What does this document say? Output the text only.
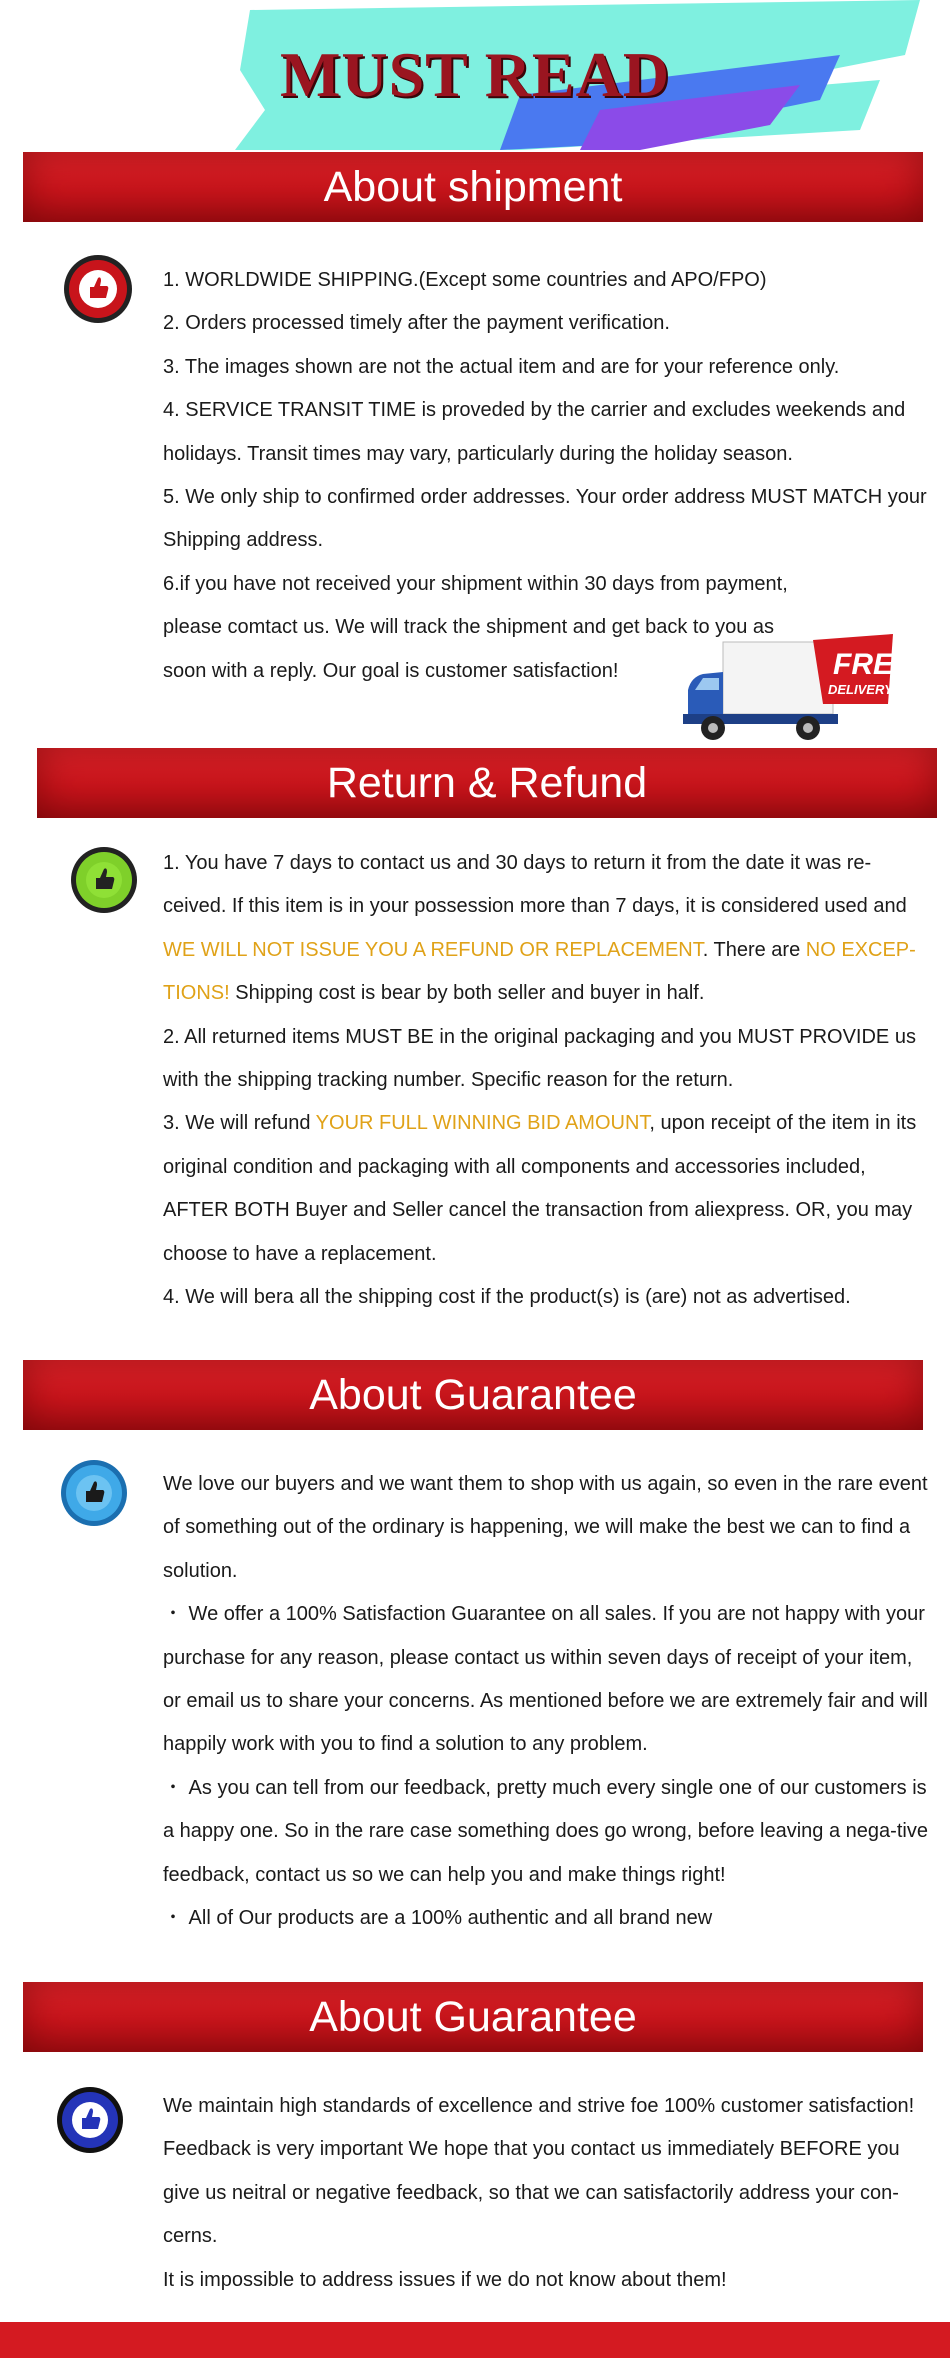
MUST READ
About shipment

1. WORLDWIDE SHIPPING.(Except some countries and APO/FPO)

2. Orders processed timely after the payment verification.

3. The images shown are not the actual item and are for your reference only.

4. SERVICE TRANSIT TIME is proveded by the carrier and excludes weekends and holidays. Transit times may vary, particularly during the holiday season.

5. We only ship to confirmed order addresses. Your order address MUST MATCH your Shipping address.

6.if you have not received your shipment within 30 days from payment, please comtact us. We will track the shipment and get back to you as soon with a reply. Our goal is customer satisfaction!	FREE
DELIVERY
Return & Refund

1. You have 7 days to contact us and 30 days to return it from the date it was re-ceived. If this item is in your possession more than 7 days, it is considered used and WE WILL NOT ISSUE YOU A REFUND OR REPLACEMENT. There are NO EXCEP-TIONS! Shipping cost is bear by both seller and buyer in half.

2. All returned items MUST BE in the original packaging and you MUST PROVIDE us with the shipping tracking number. Specific reason for the return.

3. We will refund YOUR FULL WINNING BID AMOUNT, upon receipt of the item in its original condition and packaging with all components and accessories included, AFTER BOTH Buyer and Seller cancel the transaction from aliexpress. OR, you may choose to have a replacement.

4. We will bera all the shipping cost if the product(s) is (are) not as advertised.

About Guarantee

We love our buyers and we want them to shop with us again, so even in the rare event of something out of the ordinary is happening, we will make the best we can to find a solution.

・ We offer a 100% Satisfaction Guarantee on all sales. If you are not happy with your purchase for any reason, please contact us within seven days of receipt of your item, or email us to share your concerns. As mentioned before we are extremely fair and will happily work with you to find a solution to any problem.

・ As you can tell from our feedback, pretty much every single one of our customers is a happy one. So in the rare case something does go wrong, before leaving a nega-tive feedback, contact us so we can help you and make things right!

・ All of Our products are a 100% authentic and all brand new

About Guarantee

We maintain high standards of excellence and strive foe 100% customer satisfaction!

Feedback is very important We hope that you contact us immediately BEFORE you give us neitral or negative feedback, so that we can satisfactorily address your con-cerns.

It is impossible to address issues if we do not know about them!
